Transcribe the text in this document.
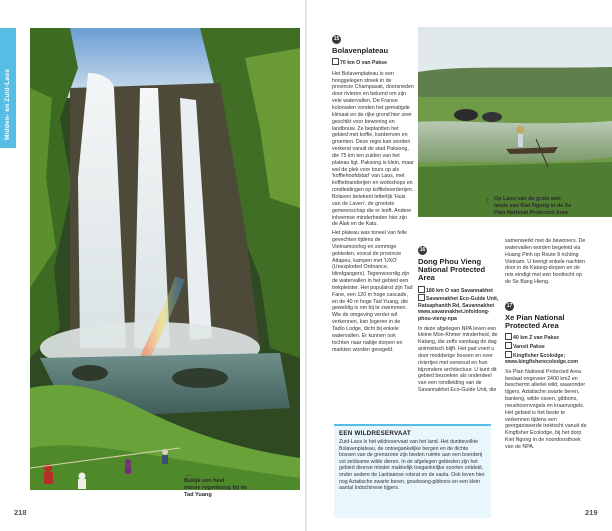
Midden- en Zuid-Laos
←
Bekijk een heel
mooie regenboog bij de
Tad Yuang
218
15
Bolavenplateau
70 km O van Pakse

Het Bolavenplateau is een hooggelegen streek in de provincie Champasak, doorsneden door rivieren en bekend om zijn vele watervallen. De Franse kolonialen vonden het gematigde klimaat en de rijke grond hier zeer geschikt voor bewoning en landbouw. Ze beplantten het gebied met koffie, kardemom en groenten. Deze regio kan worden verkend vanuit de stad Paksong, die 75 km ten zuiden van het plateau ligt. Paksong is klein, maar wel de plek voor tours op als 'koffiehoofdstad' van Laos, met koffiebranderijen en workshops en rondleidingen op koffieboerderijen. Bolaven betekent letterlijk 'Huis van de Laven', de grootste gemeenschap die er leeft. Andere inheemse minderheden hier zijn de Alak en de Katu.

Het plateau was toneel van felle gevechten tijdens de Vietnamoorlog en sommige gebieden, vooral de provincie Attapeu, kampen met 'UXO' (Unexploded Ordnance, blindgangers). Tegenwoordig zijn de watervallen in het gebied een trekpleister. Het populairst zijn Tad Fane, een 120 m hoge cascade, en de 40 m hoge Tad Yuang, die geweldig is om bij te zwemmen. Wie de omgeving verder wil verkennen, kan logeren in de Tadlo Lodge, dicht bij enkele watervallen. Er kunnen ook tochten naar nabije dorpen en markten worden geregeld.

← Op Laoo van de grote wet-
lands van Kiet Ngong in de Xe
Pian National Protected Area
16
Dong Phou Vieng National Protected Area
180 km O van Savannakhet
Savannakhet Eco-Guide Unit, Ratsaphanith Rd, Savannakhet
www.savannakhet.info/dong-phou-vieng-npa
In deze afgelegen NPA leven een kleine Mon-Khmer minderheid, de Katang, die zelfs vandaag de dag animistisch blijft. Het pad voert u door modderige bossen en over riviertjes met oerwoud en hun bijzondere architectuur. U kunt dit gebied bezoeken als onderdeel van een rondleiding van de Savannakhet Eco-Guide Unit, die
samenwerkt met de bewoners. De watervallen worden begeleid via Huang Pinh op Route 9 richting Vietnam. U brengt enkele nachten door in de Katang-dorpen en de reis eindigt met een boottocht op de Se Bang Hieng.
17
Xe Pian National Protected Area
40 km Z van Pakse
Vansit Pakse
Kingfisher Ecolodge; www.kingfisherecolodge.com
Xe Pian National Protected Area beslaat ongeveer 2400 km2 en beschermt allerlei wild, waaronder tijgers, Aziatische zwarte beren, banteng, wilde ossen, gibbons, neushoornvogels en kraanvogels. Het gebied is het beste te verkennen tijdens een georganiseerde trektocht vanuit de Kingfisher Ecolodge, bij het dorp Kiet Ngong in de noordoosthoek van de NPA.
EEN WILDRESERVAAT
Zuid-Laos is het wildreservaat van het land. Het dunbevolkte Bolavenplateau, de ontoegankelijke bergen en de dichte bossen van de grenszone zijn bieden ruimte aan een boerderij vol zeldzame wilde dieren. In de afgelegen gebieden zijn het gebied diverse minder makkelijk toegankelijke soorten ontdekt, onder andere de Laotiaanse rotsrat en de saola. Ook leven hier nog Aziatische zwarte beren, goudwang-gibbons en een klein aantal Indochinese tijgers.
219
